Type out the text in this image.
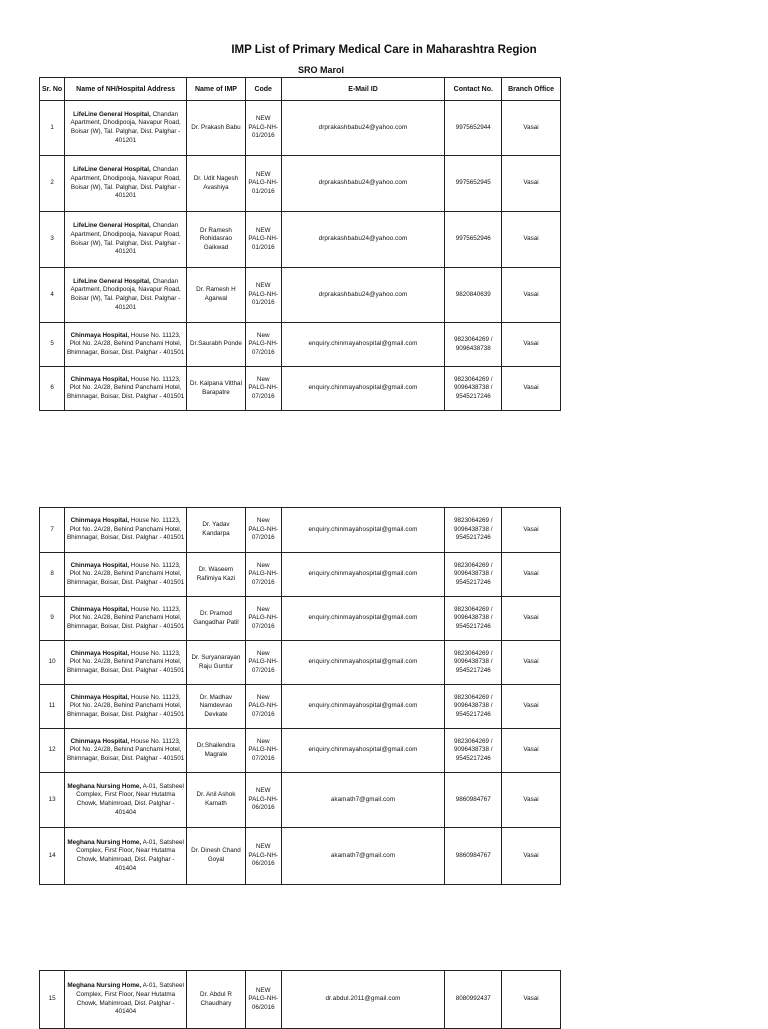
IMP List of Primary Medical Care in Maharashtra Region
SRO Marol
Sr. No	Name of NH/Hospital Address	Name of IMP	Code	E-Mail ID	Contact No.	Branch Office
1	LifeLine General Hospital, Chandan Apartment, Dhodipooja, Navapur Road, Boisar (W), Tal. Palghar, Dist. Palghar - 401201	Dr. Prakash Babu	NEW PALG-NH-01/2016	drprakashbabu24@yahoo.com	9975652944	Vasai
2	LifeLine General Hospital, Chandan Apartment, Dhodipooja, Navapur Road, Boisar (W), Tal. Palghar, Dist. Palghar - 401201	Dr. Udit Nagesh Avashiya	NEW PALG-NH-01/2016	drprakashbabu24@yahoo.com	9975652945	Vasai
3	LifeLine General Hospital, Chandan Apartment, Dhodipooja, Navapur Road, Boisar (W), Tal. Palghar, Dist. Palghar - 401201	Dr Ramesh Rohidasrao Gaikwad	NEW PALG-NH-01/2016	drprakashbabu24@yahoo.com	9975652946	Vasai
4	LifeLine General Hospital, Chandan Apartment, Dhodipooja, Navapur Road, Boisar (W), Tal. Palghar, Dist. Palghar - 401201	Dr. Ramesh H Agarwal	NEW PALG-NH-01/2016	drprakashbabu24@yahoo.com	9820840639	Vasai
5	Chinmaya Hospital, House No. 11123, Plot No. 2A/28, Behind Panchami Hotel, Bhimnagar, Boisar, Dist. Palghar - 401501	Dr.Saurabh Ponde	New PALG-NH-07/2016	enquiry.chinmayahospital@gmail.com	9823064269 / 9096438738	Vasai
6	Chinmaya Hospital, House No. 11123, Plot No. 2A/28, Behind Panchami Hotel, Bhimnagar, Boisar, Dist. Palghar - 401501	Dr. Kalpana Vitthal Barapatre	New PALG-NH-07/2016	enquiry.chinmayahospital@gmail.com	9823064269 / 9096438738 / 9545217246	Vasai
7	Chinmaya Hospital, House No. 11123, Plot No. 2A/28, Behind Panchami Hotel, Bhimnagar, Boisar, Dist. Palghar - 401501	Dr. Yadav Kandarpa	New PALG-NH-07/2016	enquiry.chinmayahospital@gmail.com	9823064269 / 9096438738 / 9545217246	Vasai
8	Chinmaya Hospital, House No. 11123, Plot No. 2A/28, Behind Panchami Hotel, Bhimnagar, Boisar, Dist. Palghar - 401501	Dr. Waseem Rafimiya Kazi	New PALG-NH-07/2016	enquiry.chinmayahospital@gmail.com	9823064269 / 9096438738 / 9545217246	Vasai
9	Chinmaya Hospital, House No. 11123, Plot No. 2A/28, Behind Panchami Hotel, Bhimnagar, Boisar, Dist. Palghar - 401501	Dr. Pramod Gangadhar Patil	New PALG-NH-07/2016	enquiry.chinmayahospital@gmail.com	9823064269 / 9096438738 / 9545217246	Vasai
10	Chinmaya Hospital, House No. 11123, Plot No. 2A/28, Behind Panchami Hotel, Bhimnagar, Boisar, Dist. Palghar - 401501	Dr. Suryanarayan Raju Guntur	New PALG-NH-07/2016	enquiry.chinmayahospital@gmail.com	9823064269 / 9096438738 / 9545217246	Vasai
11	Chinmaya Hospital, House No. 11123, Plot No. 2A/28, Behind Panchami Hotel, Bhimnagar, Boisar, Dist. Palghar - 401501	Dr. Madhav Namdevrao Devkate	New PALG-NH-07/2016	enquiry.chinmayahospital@gmail.com	9823064269 / 9096438738 / 9545217246	Vasai
12	Chinmaya Hospital, House No. 11123, Plot No. 2A/28, Behind Panchami Hotel, Bhimnagar, Boisar, Dist. Palghar - 401501	Dr.Shailendra Magrale	New PALG-NH-07/2016	enquiry.chinmayahospital@gmail.com	9823064269 / 9096438738 / 9545217246	Vasai
13	Meghana Nursing Home, A-01, Satsheel Complex, First Floor, Near Hutatma Chowk, Mahimroad, Dist. Palghar - 401404	Dr. Anil Ashok Kamath	NEW PALG-NH-06/2016	akamath7@gmail.com	9860984767	Vasai
14	Meghana Nursing Home, A-01, Satsheel Complex, First Floor, Near Hutatma Chowk, Mahimroad, Dist. Palghar - 401404	Dr. Dinesh Chand Goyal	NEW PALG-NH-06/2016	akamath7@gmail.com	9860984767	Vasai
15	Meghana Nursing Home, A-01, Satsheel Complex, First Floor, Near Hutatma Chowk, Mahimroad, Dist. Palghar - 401404	Dr. Abdul R Chaudhary	NEW PALG-NH-06/2016	dr.abdul.2011@gmail.com	8080992437	Vasai
